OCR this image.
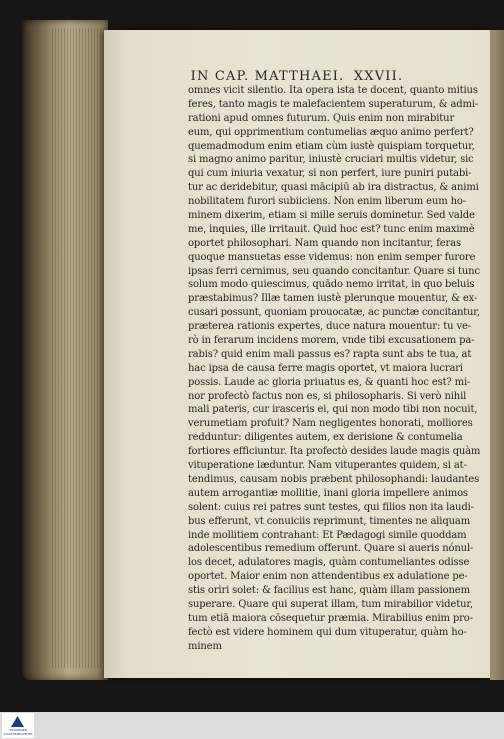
IN CAP. MATTHAEI. XXVII.
omnes vicit silentio. Ita opera ista te docent, quanto mitius
feres, tanto magis te malefacientem superaturum, & admi-
rationi apud omnes futurum. Quis enim non mirabitur
eum, qui opprimentium contumelias æquo animo perfert?
quemadmodum enim etiam cùm iustè quispiam torquetur,
si magno animo paritur, iniustè cruciari multis videtur, sic
qui cum iniuria vexatur, si non perfert, iure puniri putabi-
tur ac deridebitur, quasi mācipiū ab ira distractus, & animi
nobilitatem furori subiiciens. Non enim liberum eum ho-
minem dixerim, etiam si mille seruis dominetur. Sed valde
me, inquies, ille irritauit. Quid hoc est? tunc enim maximè
oportet philosophari. Nam quando non incitantur, feras
quoque mansuetas esse videmus: non enim semper furore
ipsas ferri cernimus, seu quando concitantur. Quare si tunc
solum modo quiescimus, quādo nemo irritat, in quo beluis
præstabimus? Illæ tamen iustè plerunque mouentur, & ex-
cusari possunt, quoniam prouocatæ, ac punctæ concitantur,
præterea rationis expertes, duce natura mouentur: tu ve-
rò in ferarum incidens morem, vnde tibi excusationem pa-
rabis? quid enim mali passus es? rapta sunt abs te tua, at
hac ipsa de causa ferre magis oportet, vt maiora lucrari
possis. Laude ac gloria priuatus es, & quanti hoc est? mi-
nor profectò factus non es, si philosopharis. Si verò nihil
mali pateris, cur irasceris ei, qui non modo tibi non nocuit,
verumetiam profuit? Nam negligentes honorati, molliores
redduntur: diligentes autem, ex derisione & contumelia
fortiores efficiuntur. Ita profectò desides laude magis quàm
vituperatione læduntur. Nam vituperantes quidem, si at-
tendimus, causam nobis præbent philosophandi: laudantes
autem arrogantiæ mollitie, inani gloria impellere animos
solent: cuius rei patres sunt testes, qui filios non ita laudi-
bus efferunt, vt conuiciis reprimunt, timentes ne aliquam
inde mollitiem contrahant: Et Pædagogi simile quoddam
adolescentibus remedium offerunt. Quare si aueris nónul-
los decet, adulatores magis, quàm contumeliantes odisse
oportet. Maior enim non attendentibus ex adulatione pe-
stis oriri solet: & facilius est hanc, quàm illam passionem
superare. Quare qui superat illam, tum mirabilior videtur,
tum etiā maiora cōsequetur præmia. Mirabilius enim pro-
fectò est videre hominem qui dum vituperatur, quàm ho-
minem
THÜRINGER STAATSBIBLIOTHEK
